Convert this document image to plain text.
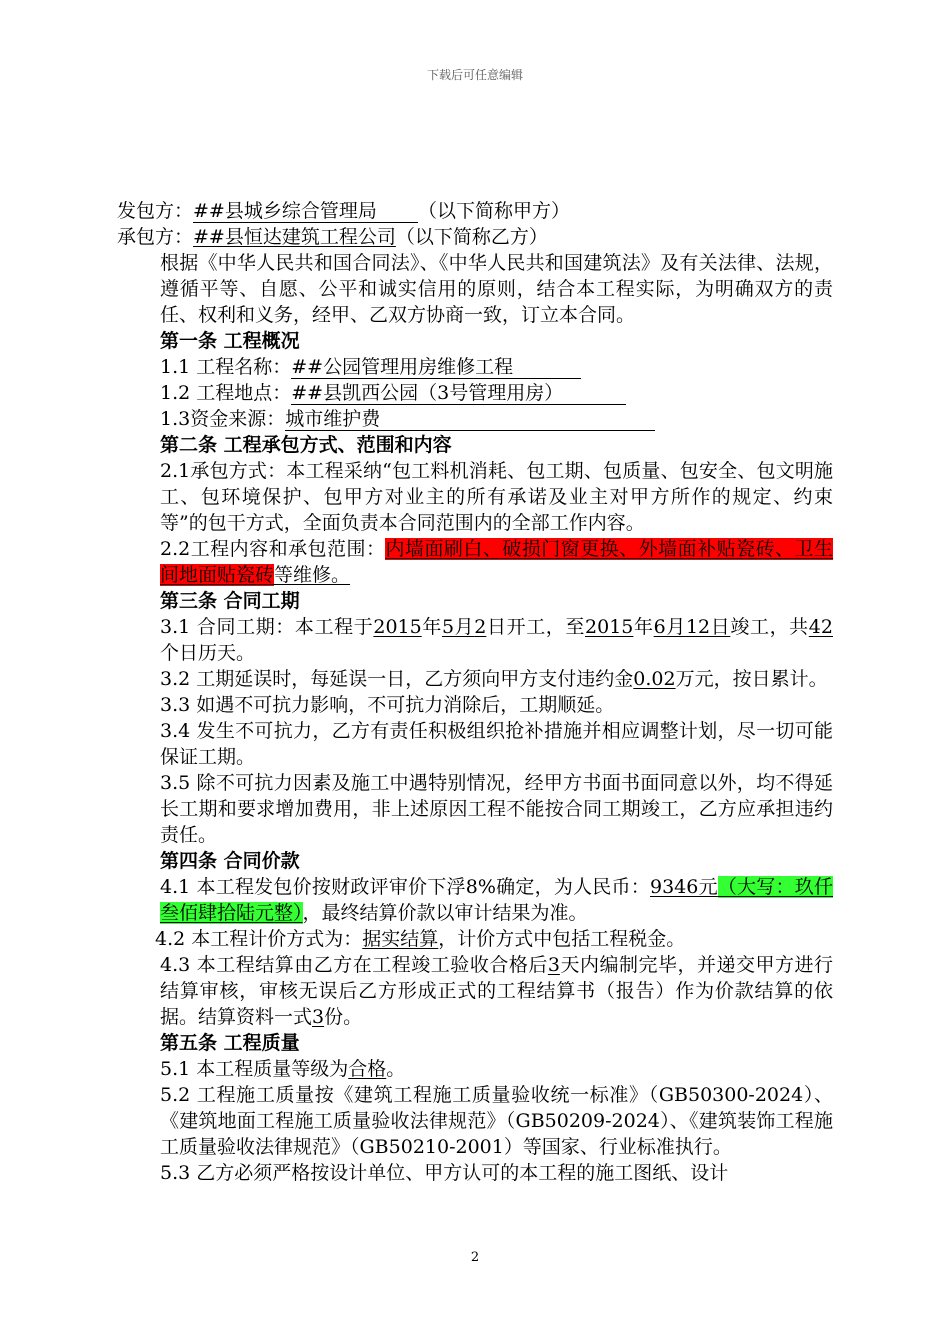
下载后可任意编辑

发包方：##县城乡综合管理局 （以下简称甲方）

承包方：##县恒达建筑工程公司（以下简称乙方）

根据《中华人民共和国合同法》、《中华人民共和国建筑法》及有关法律、法规，遵循平等、自愿、公平和诚实信用的原则，结合本工程实际，为明确双方的责任、权利和义务，经甲、乙双方协商一致，订立本合同。

第一条 工程概况

1.1 工程名称：##公园管理用房维修工程

1.2 工程地点：##县凯西公园（3号管理用房）

1.3资金来源：城市维护费

第二条 工程承包方式、范围和内容

2.1承包方式：本工程采纳“包工料机消耗、包工期、包质量、包安全、包文明施工、包环境保护、包甲方对业主的所有承诺及业主对甲方所作的规定、约束等”的包干方式，全面负责本合同范围内的全部工作内容。

2.2工程内容和承包范围：内墙面刷白、破损门窗更换、外墙面补贴瓷砖、卫生间地面贴瓷砖等维修。

第三条 合同工期

3.1 合同工期：本工程于2015年5月2日开工，至2015年6月12日竣工，共42个日历天。

3.2 工期延误时，每延误一日，乙方须向甲方支付违约金0.02万元，按日累计。

3.3 如遇不可抗力影响，不可抗力消除后，工期顺延。

3.4 发生不可抗力，乙方有责任积极组织抢补措施并相应调整计划，尽一切可能保证工期。

3.5 除不可抗力因素及施工中遇特别情况，经甲方书面书面同意以外，均不得延长工期和要求增加费用，非上述原因工程不能按合同工期竣工，乙方应承担违约责任。

第四条 合同价款

4.1 本工程发包价按财政评审价下浮8%确定，为人民币：9346元（大写：玖仟叁佰肆拾陆元整），最终结算价款以审计结果为准。

4.2 本工程计价方式为：据实结算，计价方式中包括工程税金。

4.3 本工程结算由乙方在工程竣工验收合格后3天内编制完毕，并递交甲方进行结算审核，审核无误后乙方形成正式的工程结算书（报告）作为价款结算的依据。结算资料一式3份。

第五条 工程质量

5.1 本工程质量等级为合格。

5.2 工程施工质量按《建筑工程施工质量验收统一标准》（GB50300-2024）、《建筑地面工程施工质量验收法律规范》（GB50209-2024）、《建筑装饰工程施工质量验收法律规范》（GB50210-2001）等国家、行业标准执行。

5.3 乙方必须严格按设计单位、甲方认可的本工程的施工图纸、设计

2
